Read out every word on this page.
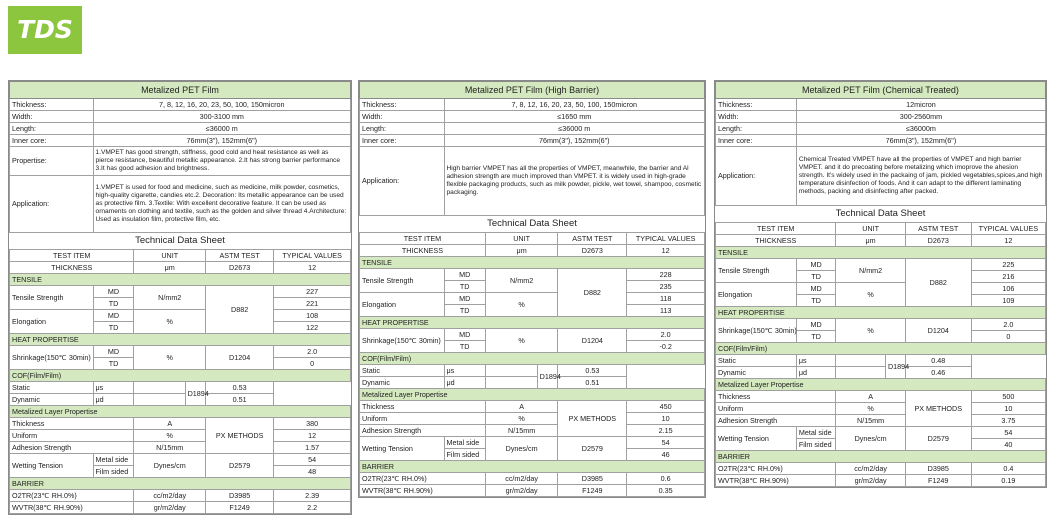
TDS
Metalized PET Film					
Thickness:	7, 8, 12, 16, 20, 23, 50, 100, 150micron				
Width:	300-3100 mm				
Length:	≤36000 m				
Inner core:	76mm(3"), 152mm(6")				
Propertise:	1.VMPET has good strength, stiffness, good cold and heat resistance as well as pierce resistance, beautiful metallic appearance. 2.It has strong barrier performance 3.It has good adhesion and brightness.				
Application:	1.VMPET is used for food and medicine, such as medicine, milk powder, cosmetics, high-quality cigarette, candies etc.2. Decoration: Its metallic appearance can be used as protective film. 3.Textile: With excellent decorative feature. It can be used as ornaments on clothing and textile, such as the golden and silver thread 4.Architecture: Used as insulation film, protective film, etc.				
Technical Data Sheet					
TEST ITEM		UNIT		ASTM TEST	TYPICAL VALUES
THICKNESS		μm		D2673	12
TENSILE					
Tensile Strength	MD	N/mm2		D882	227
	TD				221
Elongation	MD	%			108
	TD				122
HEAT PROPERTISE					
Shrinkage(150℃ 30min)	MD	%		D1204	2.0
	TD				0
COF(Film/Film)					
Static	μs		D1894	0.53	
Dynamic	μd			0.51	
Metalized Layer Propertise					
Thickness		A		PX METHODS	380
Uniform		%			12
Adhesion Strength		N/15mm			1.57
Wetting Tension	Metal side	Dynes/cm		D2579	54
	Film sided				48
BARRIER					
O2TR(23℃ RH.0%)		cc/m2/day		D3985	2.39
WVTR(38℃ RH.90%)		gr/m2/day		F1249	2.2
Metalized PET Film (High Barrier)					
Thickness:	7, 8, 12, 16, 20, 23, 50, 100, 150micron				
Width:	≤1650 mm				
Length:	≤36000 m				
Inner core:	76mm(3"), 152mm(6")				
Application:	High barrier VMPET has all the properties of VMPET, meanwhile, the barrier and Al adhesion strength are much improved than VMPET. it is widely used in high-grade flexible packaging products, such as milk powder, pickle, wet towel, shampoo, cosmetic packaging.				
Technical Data Sheet					
TEST ITEM		UNIT		ASTM TEST	TYPICAL VALUES
THICKNESS		μm		D2673	12
TENSILE					
Tensile Strength	MD	N/mm2		D882	228
	TD				235
Elongation	MD	%			118
	TD				113
HEAT PROPERTISE					
Shrinkage(150℃ 30min)	MD	%		D1204	2.0
	TD				-0.2
COF(Film/Film)					
Static	μs		D1894	0.53	
Dynamic	μd			0.51	
Metalized Layer Propertise					
Thickness		A		PX METHODS	450
Uniform		%			10
Adhesion Strength		N/15mm			2.15
Wetting Tension	Metal side	Dynes/cm		D2579	54
	Film sided				46
BARRIER					
O2TR(23℃ RH.0%)		cc/m2/day		D3985	0.6
WVTR(38℃ RH.90%)		gr/m2/day		F1249	0.35
Metalized PET Film (Chemical Treated)					
Thickness:	12micron				
Width:	300-2560mm				
Length:	≤36000m				
Inner core:	76mm(3"), 152mm(6")				
Application:	Chemical Treated VMPET have all the properties of VMPET and high barrier VMPET. and it do precoating before metalizing which imoprove the ahesion strength. It's widely used in the packaing of jam, pickled vegetables,spices,and high temperature disinfection of foods. And it can adapt to the different laminating methods, packing and disinfecting after packed.				
Technical Data Sheet					
TEST ITEM		UNIT		ASTM TEST	TYPICAL VALUES
THICKNESS		μm		D2673	12
TENSILE					
Tensile Strength	MD	N/mm2		D882	225
	TD				216
Elongation	MD	%			106
	TD				109
HEAT PROPERTISE					
Shrinkage(150℃ 30min)	MD	%		D1204	2.0
	TD				0
COF(Film/Film)					
Static	μs		D1894	0.48	
Dynamic	μd			0.46	
Metalized Layer Propertise					
Thickness		A		PX METHODS	500
Uniform		%			10
Adhesion Strength		N/15mm			3.75
Wetting Tension	Metal side	Dynes/cm		D2579	54
	Film sided				40
BARRIER					
O2TR(23℃ RH.0%)		cc/m2/day		D3985	0.4
WVTR(38℃ RH.90%)		gr/m2/day		F1249	0.19
